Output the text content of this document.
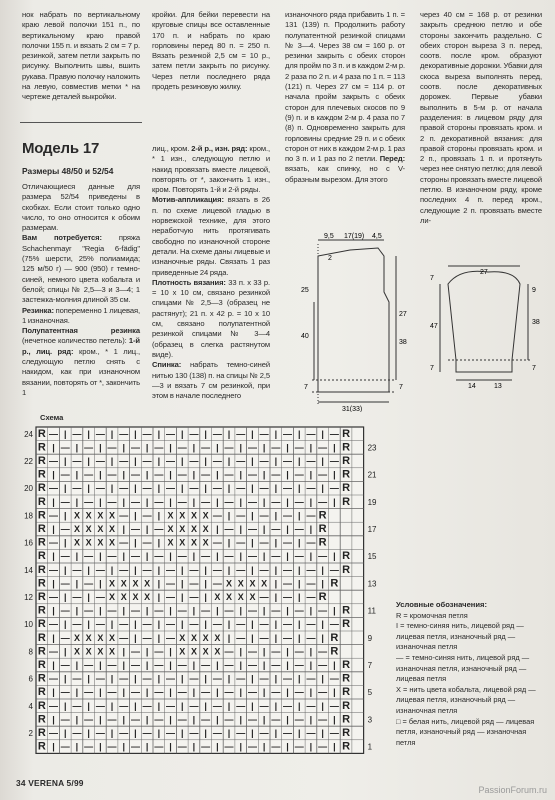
нок набрать по вертикальному краю левой полочки 151 п., по вертикальному краю правой полочки 155 п. и вязать 2 см = 7 р. резинкой, затем петли закрыть по рисунку. Выполнить швы, вшить рукава. Правую полочку наложить на левую, совместив метки * на чертеже деталей выкройки.

кройки. Для бейки перевести на круговые спицы все оставленные 170 п. и набрать по краю горловины перед 80 п. = 250 п. Вязать резинкой 2,5 см = 10 р., затем петли закрыть по рисунку. Через петли последнего ряда продеть резиновую жилку.

изнаночного ряда прибавить 1 п. = 131 (139) п. Продолжить работу полупатентной резинкой спицами № 3—4. Через 38 см = 160 р. от резинки закрыть с обеих сторон для пройм по 3 п. и в каждом 2-м р. 2 раза по 2 п. и 4 раза по 1 п. = 113 (121) п. Через 27 см = 114 р. от начала пройм закрыть с обеих сторон для плечевых скосов по 9 (9) п. и в каждом 2-м р. 4 раза по 7 (8) п. Одновременно закрыть для горловины средние 29 п. и с обеих сторон от них в каждом 2-м р. 1 раз по 3 п. и 1 раз по 2 петли. Перед: вязать, как спинку, но с V-образным вырезом. Для этого

через 40 см = 168 р. от резинки закрыть среднюю петлю и обе стороны закончить раздельно. С обеих сторон выреза 3 п. перед, соотв. после кром. образуют декоративные дорожки. Убавки для скоса выреза выполнять перед, соотв. после декоративных дорожек. Первые убавки выполнить в 5-м р. от начала разделения: в лицевом ряду для правой стороны провязать кром. и 2 п. декоративной вязания: для правой стороны провязать кром. и 2 п., провязать 1 п. и протянуть через нее снятую петлю; для левой стороны провязать вместе лицевой петлю. В изнаночном ряду, кроме последних 4 п. перед кром., следующие 2 п. провязать вместе ли-

Модель 17
Размеры 48/50 и 52/54

Отличающиеся данные для размера 52/54 приведены в скобках. Если стоит только одно число, то оно относится к обоим размерам.

Вам потребуется: пряжа Schachenmayr "Regia 6-fädig" (75% шерсти, 25% полиамида; 125 м/50 г) — 900 (950) г темно-синей, немного цвета кобальта и белой; спицы № 2,5—3 и 3—4; 1 застежка-молния длиной 35 см.

Резинка: попеременно 1 лицевая, 1 изнаночная.

Полупатентная резинка (нечетное количество петель): 1-й р., лиц. ряд: кром., * 1 лиц., следующую петлю снять с накидом, как при изнаночном вязании, повторять от *, закончить 1

лиц., кром. 2-й р., изн. ряд: кром., * 1 изн., следующую петлю и накид провязать вместе лицевой, повторять от *, закончить 1 изн., кром. Повторять 1-й и 2-й ряды.

Мотив-аппликация: вязать в 26 п. по схеме лицевой гладью в норвежской технике, для этого неработчую нить протягивать свободно по изнаночной стороне детали. На схеме даны лицевые и изнаночные ряды. Связать 1 раз приведенные 24 ряда.

Плотность вязания: 33 п. x 33 р. = 10 x 10 см, связано резинкой спицами № 2,5—3 (образец не растянут); 21 п. x 42 р. = 10 x 10 см, связано полупатентной резинкой спицами № 3—4 (образец в слегка растянутом виде).

Спинка: набрать темно-синей нитью 130 (138) п. на спицы № 2,5—3 и вязать 7 см резинкой, при этом в начале последнего

9,5 17(19) 4,5
2
25
27
40
38
7	7
31(33)
27
7
9
47
38
7	7
14	13
Схема
R — | — | — | — | — | — | — | — | — | — | — | — | — R
R | — | — | — | — | — | — | — | — | — | — | — | — | R
R — | — | — | — | — | — | — | — | — | — | — | — | — R
R | — | — | — | — | — | — | — | — | — | — | — | — | R
R — | — | — | — | — | — | — | — | — | — | — | — | — R
R | — | — | — | — | — | — | — | — | — | — | — | — | R
R — | X X X X — | — | X X X X — | — | — | — | — R
R | — X X X X | — | — X X X X | — | — | — | — | R
R — | X X X X — | — | X X X X — | — | — | — | — R
R | — | — | — | — | — | — | — | — | — | — | — | — | R
R — | — | — | — | — | — | — | — | — | — | — | — | — R
R | — | — | X X X X | — | — | — X X X X | — | — | R
R — | — | — X X X X | — | — | X X X X — | — | — R
R | — | — | — | — | — | — | — | — | — | — | — | — | R
R — | — | — | — | — | — | — | — | — | — | — | — | — R
R | — X X X X — | — | — X X X X | — | — | — | — | R
R — | X X X X | — | — | X X X X — | — | — | — | — R
R | — | — | — | — | — | — | — | — | — | — | — | — | R
R — | — | — | — | — | — | — | — | — | — | — | — | — R
R | — | — | — | — | — | — | — | — | — | — | — | — | R
R — | — | — | — | — | — | — | — | — | — | — | — | — R
R | — | — | — | — | — | — | — | — | — | — | — | — | R
R — | — | — | — | — | — | — | — | — | — | — | — | — R
R | — | — | — | — | — | — | — | — | — | — | — | — | R
24
22
20
18
16
14
12
10
8
6
4
2
23
21
19
17
15
13
11
9
7
5
3
1
Условные обозначения:
R = кромочная петля
I = темно-синяя нить, лицевой ряд — лицевая петля, изнаночный ряд — изнаночная петля
— = темно-синяя нить, лицевой ряд — изнаночная петля, изнаночный ряд — лицевая петля
X = нить цвета кобальта, лицевой ряд — лицевая петля, изнаночный ряд — изнаночная петля
□ = белая нить, лицевой ряд — лицевая петля, изнаночный ряд — изнаночная петля
34 VERENA 5/99
PassionForum.ru
